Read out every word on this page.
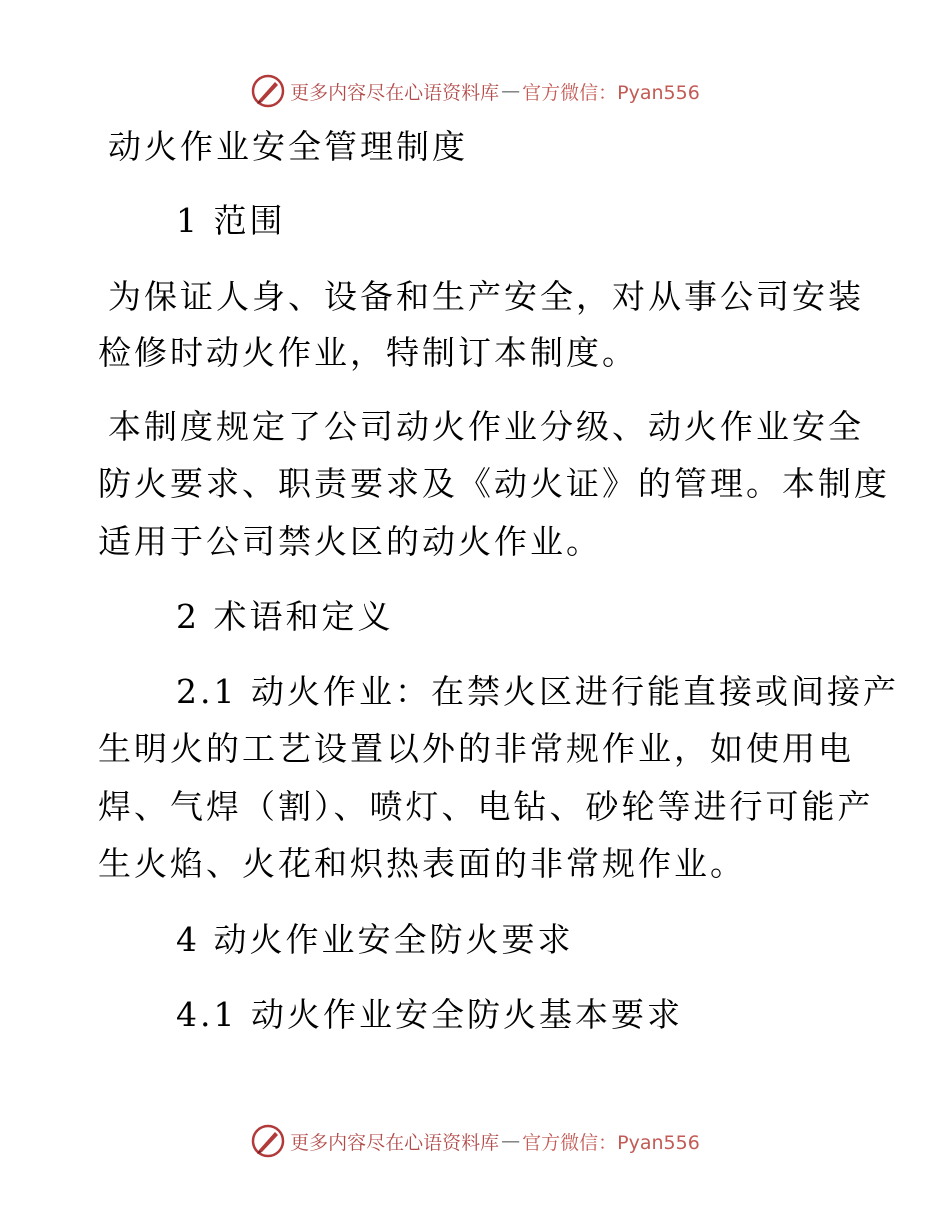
更多内容尽在心语资料库 — 官方微信：Pyan556

动火作业安全管理制度

1 范围

为保证人身、设备和生产安全，对从事公司安装

检修时动火作业，特制订本制度。

本制度规定了公司动火作业分级、动火作业安全

防火要求、职责要求及《动火证》的管理。本制度

适用于公司禁火区的动火作业。

2 术语和定义

2.1 动火作业：在禁火区进行能直接或间接产

生明火的工艺设置以外的非常规作业，如使用电

焊、气焊（割）、喷灯、电钻、砂轮等进行可能产

生火焰、火花和炽热表面的非常规作业。

4 动火作业安全防火要求

4.1 动火作业安全防火基本要求

更多内容尽在心语资料库 — 官方微信：Pyan556
